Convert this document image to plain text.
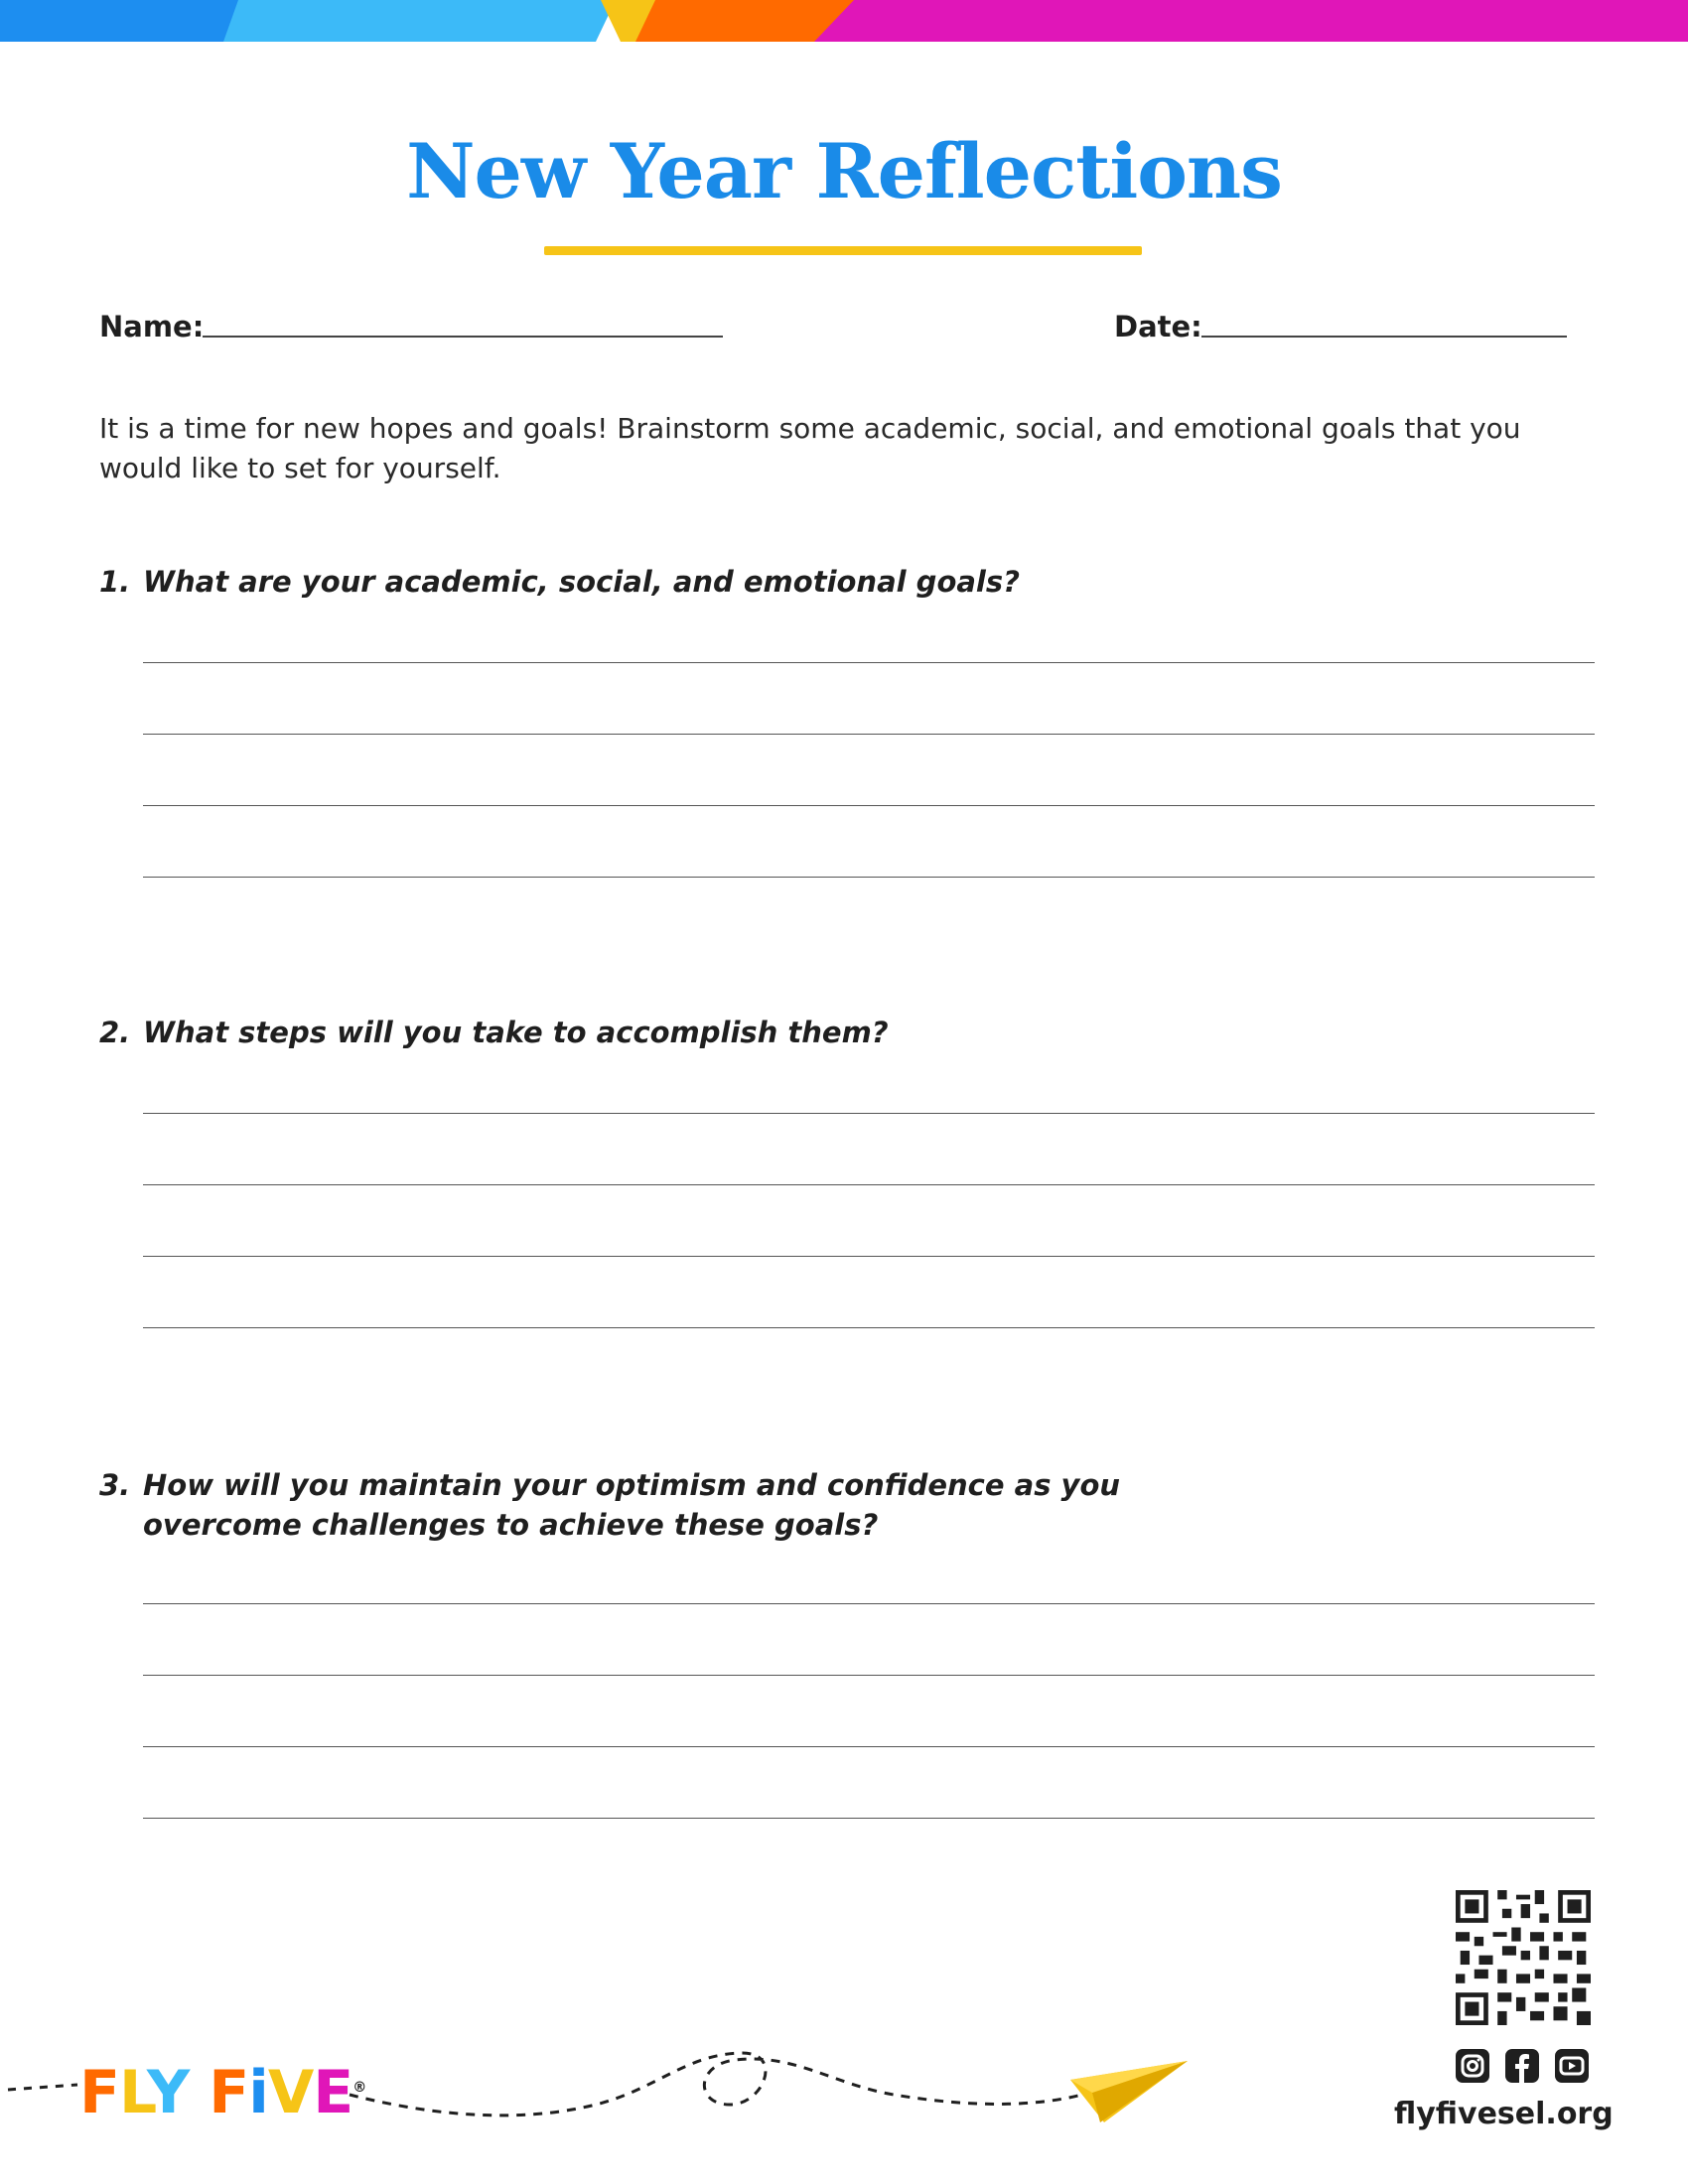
New Year Reflections
Name:	Date:
It is a time for new hopes and goals! Brainstorm some academic, social, and emotional goals that you would like to set for yourself.
1. What are your academic, social, and emotional goals?
2. What steps will you take to accomplish them?
3. How will you maintain your optimism and confidence as you overcome challenges to achieve these goals?
flyfivesel.org
FLY FiVE®
